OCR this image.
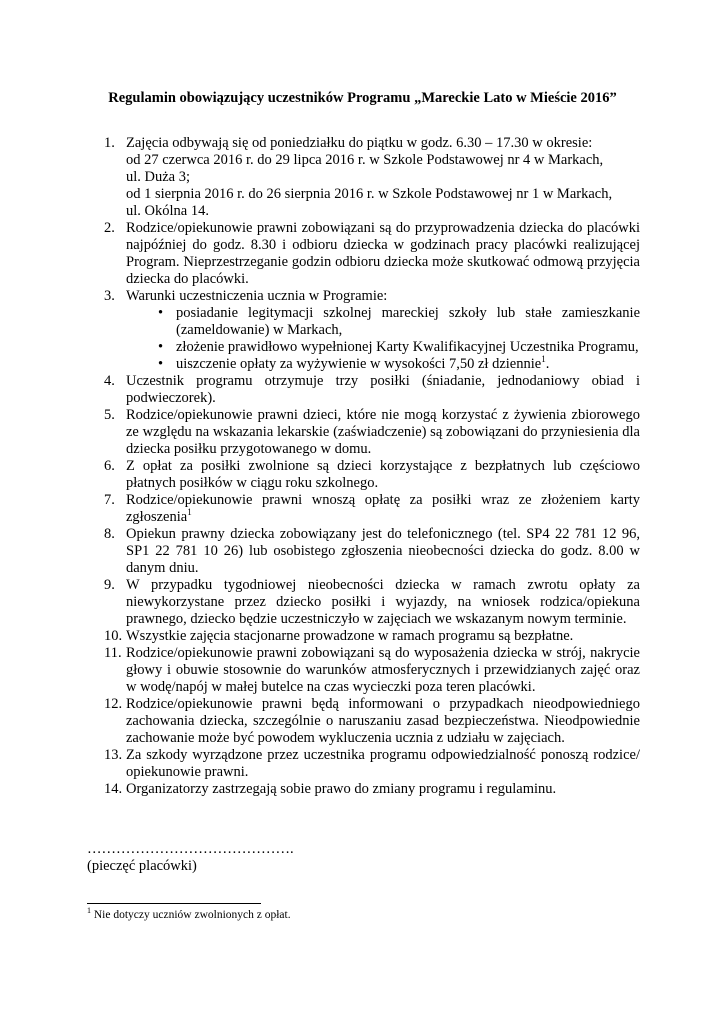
Regulamin obowiązujący uczestników Programu „Mareckie Lato w Mieście 2016”
1. Zajęcia odbywają się od poniedziałku do piątku w godz. 6.30 – 17.30 w okresie:
od 27 czerwca 2016 r. do 29 lipca 2016 r. w Szkole Podstawowej nr 4 w Markach,
ul. Duża 3;
od 1 sierpnia 2016 r. do 26 sierpnia 2016 r. w Szkole Podstawowej nr 1 w Markach,
ul. Okólna 14.
2. Rodzice/opiekunowie prawni zobowiązani są do przyprowadzenia dziecka do placówki najpóźniej do godz. 8.30 i odbioru dziecka w godzinach pracy placówki realizującej Program. Nieprzestrzeganie godzin odbioru dziecka może skutkować odmową przyjęcia dziecka do placówki.
3. Warunki uczestniczenia ucznia w Programie:
• posiadanie legitymacji szkolnej mareckiej szkoły lub stałe zamieszkanie (zameldowanie) w Markach,
• złożenie prawidłowo wypełnionej Karty Kwalifikacyjnej Uczestnika Programu,
• uiszczenie opłaty za wyżywienie w wysokości 7,50 zł dziennie$^1$.
4. Uczestnik programu otrzymuje trzy posiłki (śniadanie, jednodaniowy obiad i podwieczorek).
5. Rodzice/opiekunowie prawni dzieci, które nie mogą korzystać z żywienia zbiorowego ze względu na wskazania lekarskie (zaświadczenie) są zobowiązani do przyniesienia dla dziecka posiłku przygotowanego w domu.
6. Z opłat za posiłki zwolnione są dzieci korzystające z bezpłatnych lub częściowo płatnych posiłków w ciągu roku szkolnego.
7. Rodzice/opiekunowie prawni wnoszą opłatę za posiłki wraz ze złożeniem karty zgłoszenia$^1$
8. Opiekun prawny dziecka zobowiązany jest do telefonicznego (tel. SP4 22 781 12 96, SP1 22 781 10 26) lub osobistego zgłoszenia nieobecności dziecka do godz. 8.00 w danym dniu.
9. W przypadku tygodniowej nieobecności dziecka w ramach zwrotu opłaty za niewykorzystane przez dziecko posiłki i wyjazdy, na wniosek rodzica/opiekuna prawnego, dziecko będzie uczestniczyło w zajęciach we wskazanym nowym terminie.
10. Wszystkie zajęcia stacjonarne prowadzone w ramach programu są bezpłatne.
11. Rodzice/opiekunowie prawni zobowiązani są do wyposażenia dziecka w strój, nakrycie głowy i obuwie stosownie do warunków atmosferycznych i przewidzianych zajęć oraz w wodę/napój w małej butelce na czas wycieczki poza teren placówki.
12. Rodzice/opiekunowie prawni będą informowani o przypadkach nieodpowiedniego zachowania dziecka, szczególnie o naruszaniu zasad bezpieczeństwa. Nieodpowiednie zachowanie może być powodem wykluczenia ucznia z udziału w zajęciach.
13. Za szkody wyrządzone przez uczestnika programu odpowiedzialność ponoszą rodzice/ opiekunowie prawni.
14. Organizatorzy zastrzegają sobie prawo do zmiany programu i regulaminu.
…………………………………….
(pieczęć placówki)
$^1$ Nie dotyczy uczniów zwolnionych z opłat.
